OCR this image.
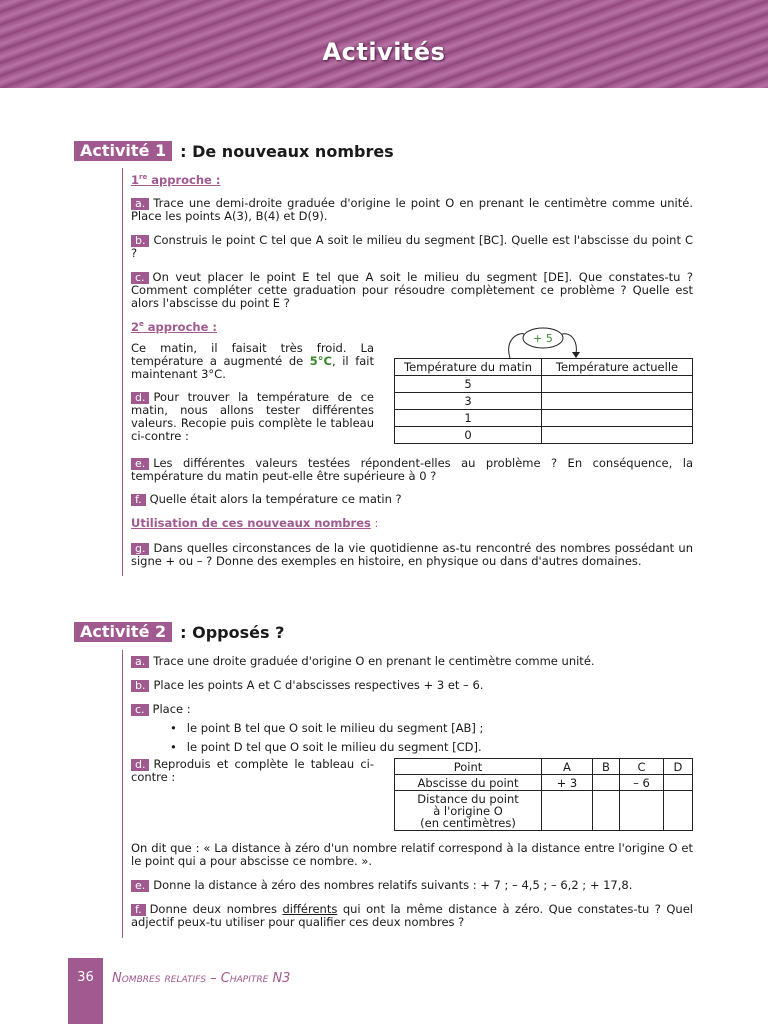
Activités
Activité 1 : De nouveaux nombres
1re approche :
a. Trace une demi-droite graduée d'origine le point O en prenant le centimètre comme unité. Place les points A(3), B(4) et D(9).
b. Construis le point C tel que A soit le milieu du segment [BC]. Quelle est l'abscisse du point C ?
c. On veut placer le point E tel que A soit le milieu du segment [DE]. Que constates-tu ? Comment compléter cette graduation pour résoudre complètement ce problème ? Quelle est alors l'abscisse du point E ?
2e approche :
Ce matin, il faisait très froid. La température a augmenté de 5°C, il fait maintenant 3°C.
d. Pour trouver la température de ce matin, nous allons tester différentes valeurs. Recopie puis complète le tableau ci-contre :
+ 5
Température du matin	Température actuelle
5	
3	
1	
0	
e. Les différentes valeurs testées répondent-elles au problème ? En conséquence, la température du matin peut-elle être supérieure à 0 ?
f. Quelle était alors la température ce matin ?
Utilisation de ces nouveaux nombres :
g. Dans quelles circonstances de la vie quotidienne as-tu rencontré des nombres possédant un signe + ou – ? Donne des exemples en histoire, en physique ou dans d'autres domaines.
Activité 2 : Opposés ?
a. Trace une droite graduée d'origine O en prenant le centimètre comme unité.
b. Place les points A et C d'abscisses respectives + 3 et – 6.
c. Place :
• le point B tel que O soit le milieu du segment [AB] ;
• le point D tel que O soit le milieu du segment [CD].
d. Reproduis et complète le tableau ci-contre :
Point	A	B	C	D
Abscisse du point	+ 3		– 6	

Distance du point
à l'origine O
(en centimètres)				

On dit que : « La distance à zéro d'un nombre relatif correspond à la distance entre l'origine O et le point qui a pour abscisse ce nombre. ».
e. Donne la distance à zéro des nombres relatifs suivants : + 7 ; – 4,5 ; – 6,2 ; + 17,8.
f. Donne deux nombres différents qui ont la même distance à zéro. Que constates-tu ? Quel adjectif peux-tu utiliser pour qualifier ces deux nombres ?
36	Nombres relatifs – Chapitre N3
